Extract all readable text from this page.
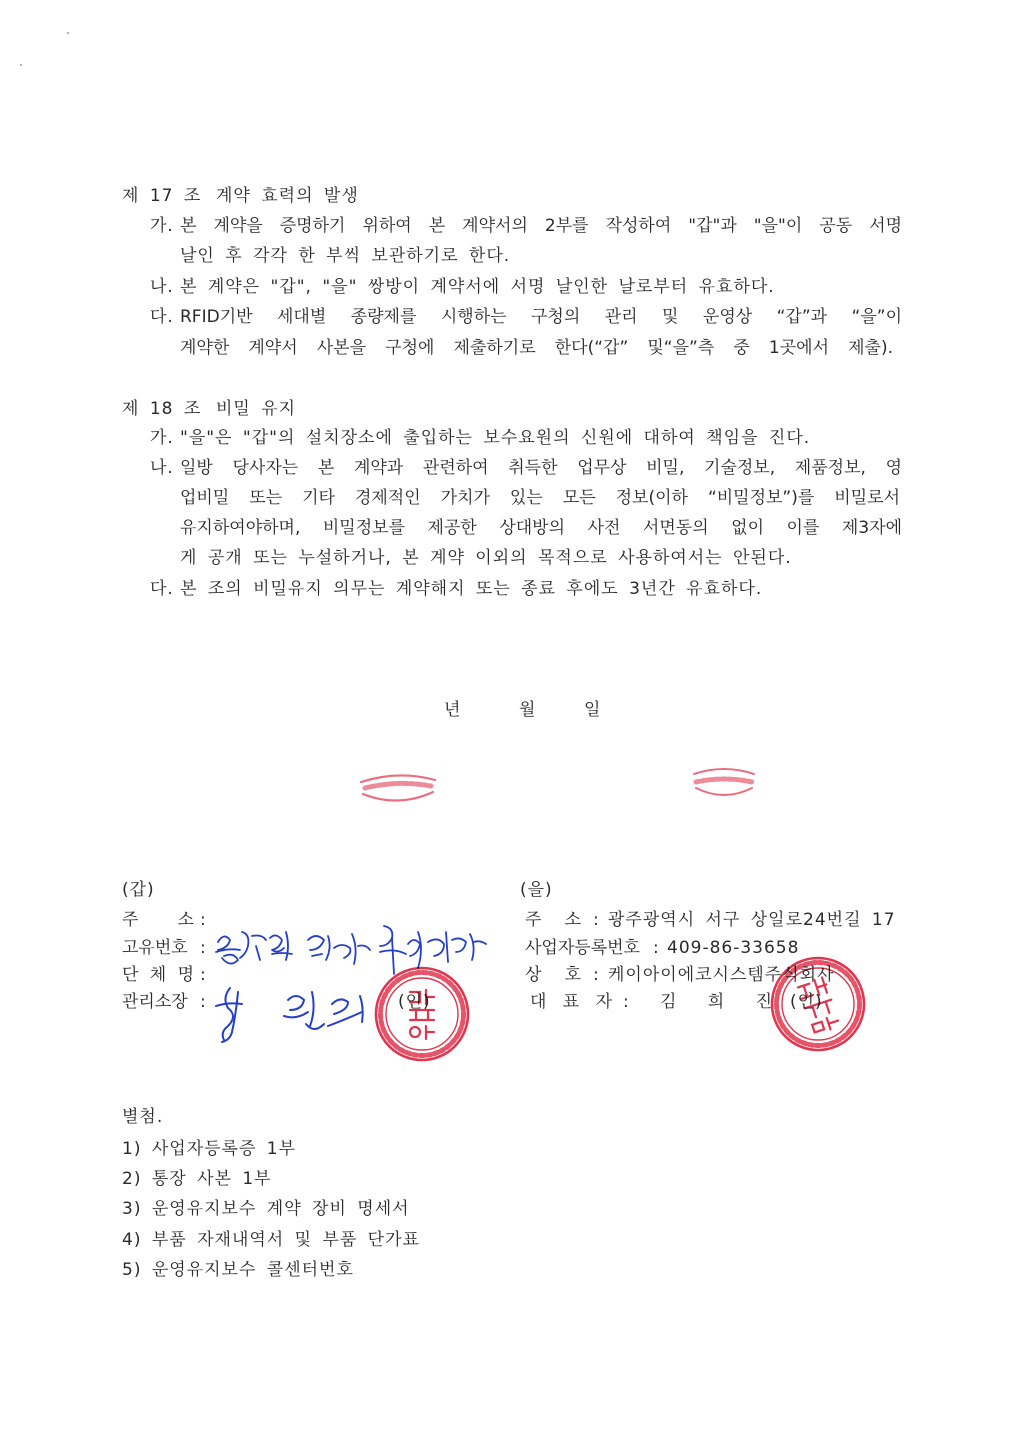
제 17 조 계약 효력의 발생
가. 본 계약을 증명하기 위하여 본 계약서의 2부를 작성하여 "갑"과 "을"이 공동 서명
날인 후 각각 한 부씩 보관하기로 한다.
나. 본 계약은 "갑", "을" 쌍방이 계약서에 서명 날인한 날로부터 유효하다.
다. RFID기반 세대별 종량제를 시행하는 구청의 관리 및 운영상 “갑”과 “을”이
계약한 계약서 사본을 구청에 제출하기로 한다(“갑” 및“을”측 중 1곳에서 제출).
제 18 조 비밀 유지
가. "을"은 "갑"의 설치장소에 출입하는 보수요원의 신원에 대하여 책임을 진다.
나. 일방 당사자는 본 계약과 관련하여 취득한 업무상 비밀, 기술정보, 제품정보, 영
업비밀 또는 기타 경제적인 가치가 있는 모든 정보(이하 “비밀정보”)를 비밀로서
유지하여야하며, 비밀정보를 제공한 상대방의 사전 서면동의 없이 이를 제3자에
게 공개 또는 누설하거나, 본 계약 이외의 목적으로 사용하여서는 안된다.
다. 본 조의 비밀유지 의무는 계약해지 또는 종료 후에도 3년간 유효하다.
년	월	일
(갑)
주 소 :
고유번호 :
단 체 명 :
관리소장 :	(인)
(을)
주 소 : 광주광역시 서구 상일로24번길 17
사업자등록번호 : 409-86-33658
상 호 : 케이아이에코시스템주식회사
대 표 자 : 김 희 진 (인)
별첨.
1) 사업자등록증 1부
2) 통장 사본 1부
3) 운영유지보수 계약 장비 명세서
4) 부품 자재내역서 및 부품 단가표
5) 운영유지보수 콜센터번호
